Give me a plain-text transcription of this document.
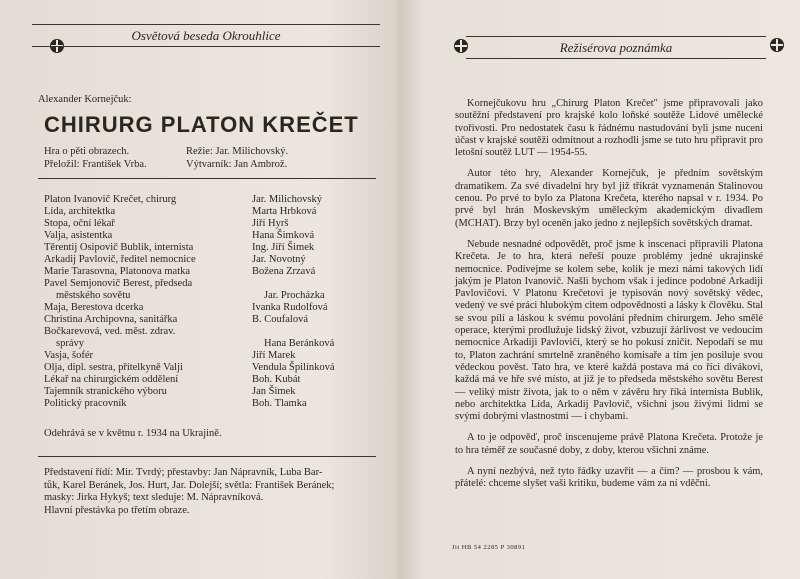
Osvětová beseda Okrouhlice
Alexander Kornejčuk:
CHIRURG PLATON KREČET
Hra o pěti obrazech.	Režie: Jar. Milichovský.
Přeložil: František Vrba.	Výtvarník: Jan Ambrož.
Platon Ivanovič Krečet, chirurg	Jar. Milichovský
Lída, architektka	Marta Hrbková
Stopa, oční lékař	Jiří Hyrš
Valja, asistentka	Hana Šimková
Těrentij Osipovič Bublik, internista	Ing. Jiří Šimek
Arkadij Pavlovič, ředitel nemocnice	Jar. Novotný
Marie Tarasovna, Platonova matka	Božena Zrzavá
Pavel Semjonovič Berest, předseda
městského sovětu	Jar. Procházka
Maja, Berestova dcerka	Ivanka Rudolfová
Christina Archipovna, sanitářka	B. Coufalová
Bočkarevová, ved. měst. zdrav.
správy	Hana Beránková
Vasja, šofér	Jiří Marek
Olja, dipl. sestra, přítelkyně Valji	Vendula Špilínková
Lékař na chirurgickém oddělení	Boh. Kubát
Tajemník stranického výboru	Jan Šimek
Politický pracovník	Boh. Tlamka
Odehrává se v květnu r. 1934 na Ukrajině.
Představení řídí: Mir. Tvrdý; přestavby: Jan Nápravník, Luba Bar-
tůk, Karel Beránek, Jos. Hurt, Jar. Dolejší; světla: František Beránek;
masky: Jirka Hykyš; text sleduje: M. Nápravníková.
Hlavní přestávka po třetím obraze.
Režisérova poznámka

Kornejčukovu hru „Chirurg Platon Krečet" jsme připravovali jako soutěžní představení pro krajské kolo loňské soutěže Lidové umělecké tvořivosti. Pro nedostatek času k řádnému nastudování byli jsme nuceni účast v krajské soutěži odmítnout a rozhodli jsme se tuto hru připravit pro letošní soutěž LUT — 1954-55.

Autor této hry, Alexander Kornejčuk, je předním sovětským dramatikem. Za své divadelní hry byl již třikrát vyznamenán Stalinovou cenou. Po prvé to bylo za Platona Krečeta, kterého napsal v r. 1934. Po prvé byl hrán Moskevským uměleckým akademickým divadlem (MCHAT). Brzy byl oceněn jako jedno z nejlepších sovětských dramat.

Nebude nesnadné odpovědět, proč jsme k inscenaci připravili Platona Krečeta. Je to hra, která neřeší pouze problémy jedné ukrajinské nemocnice. Podívejme se kolem sebe, kolik je mezi námi takových lidí jakým je Platon Ivanovič. Našli bychom však i jedince podobné Arkadiji Pavlovičovi. V Platonu Krečetovi je typisován nový sovětský vědec, vedený ve své práci hlubokým citem odpovědnosti a lásky k člověku. Stal se svou pílí a láskou k svému povolání předním chirurgem. Jeho smělé operace, kterými prodlužuje lidský život, vzbuzují žárlivost ve vedoucím nemocnice Arkadiji Pavloviči, který se ho pokusí zničit. Nepodaří se mu to, Platon zachrání smrtelně zraněného komisaře a tím jen posiluje svou vědeckou pověst. Tato hra, ve které každá postava má co říci divákovi, každá má ve hře své místo, at již je to předseda městského sovětu Berest — veliký mistr života, jak to o něm v závěru hry říká internista Bublik, nebo architektka Lída, Arkadij Pavlovič, všichni jsou živými lidmi se svými dobrými vlastnostmi — i chybami.

A to je odpověď, proč inscenujeme právě Platona Krečeta. Protože je to hra téměř ze současné doby, z doby, kterou všichni známe.

A nyní nezbývá, než tyto řádky uzavřít — a čím? — prosbou k vám, přátelé: chceme slyšet vaši kritiku, budeme vám za ní vděčni.

Jit HB 54 2285 P 30891
